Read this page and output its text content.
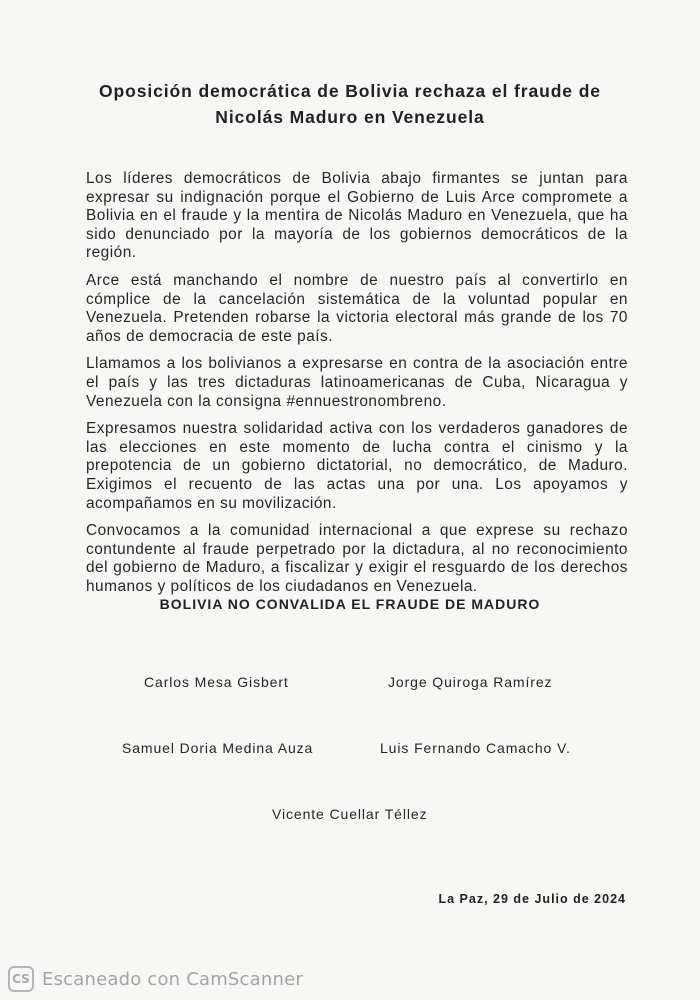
Oposición democrática de Bolivia rechaza el fraude de
Nicolás Maduro en Venezuela

Los líderes democráticos de Bolivia abajo firmantes se juntan para expresar su indignación porque el Gobierno de Luis Arce compromete a Bolivia en el fraude y la mentira de Nicolás Maduro en Venezuela, que ha sido denunciado por la mayoría de los gobiernos democráticos de la región.

Arce está manchando el nombre de nuestro país al convertirlo en cómplice de la cancelación sistemática de la voluntad popular en Venezuela. Pretenden robarse la victoria electoral más grande de los 70 años de democracia de este país.

Llamamos a los bolivianos a expresarse en contra de la asociación entre el país y las tres dictaduras latinoamericanas de Cuba, Nicaragua y Venezuela con la consigna #ennuestronombreno.

Expresamos nuestra solidaridad activa con los verdaderos ganadores de las elecciones en este momento de lucha contra el cinismo y la prepotencia de un gobierno dictatorial, no democrático, de Maduro. Exigimos el recuento de las actas una por una. Los apoyamos y acompañamos en su movilización.

Convocamos a la comunidad internacional a que exprese su rechazo contundente al fraude perpetrado por la dictadura, al no reconocimiento del gobierno de Maduro, a fiscalizar y exigir el resguardo de los derechos humanos y políticos de los ciudadanos en Venezuela.

BOLIVIA NO CONVALIDA EL FRAUDE DE MADURO
Carlos Mesa Gisbert	Jorge Quiroga Ramírez
Samuel Doria Medina Auza	Luis Fernando Camacho V.
Vicente Cuellar Téllez
La Paz, 29 de Julio de 2024
CS Escaneado con CamScanner
